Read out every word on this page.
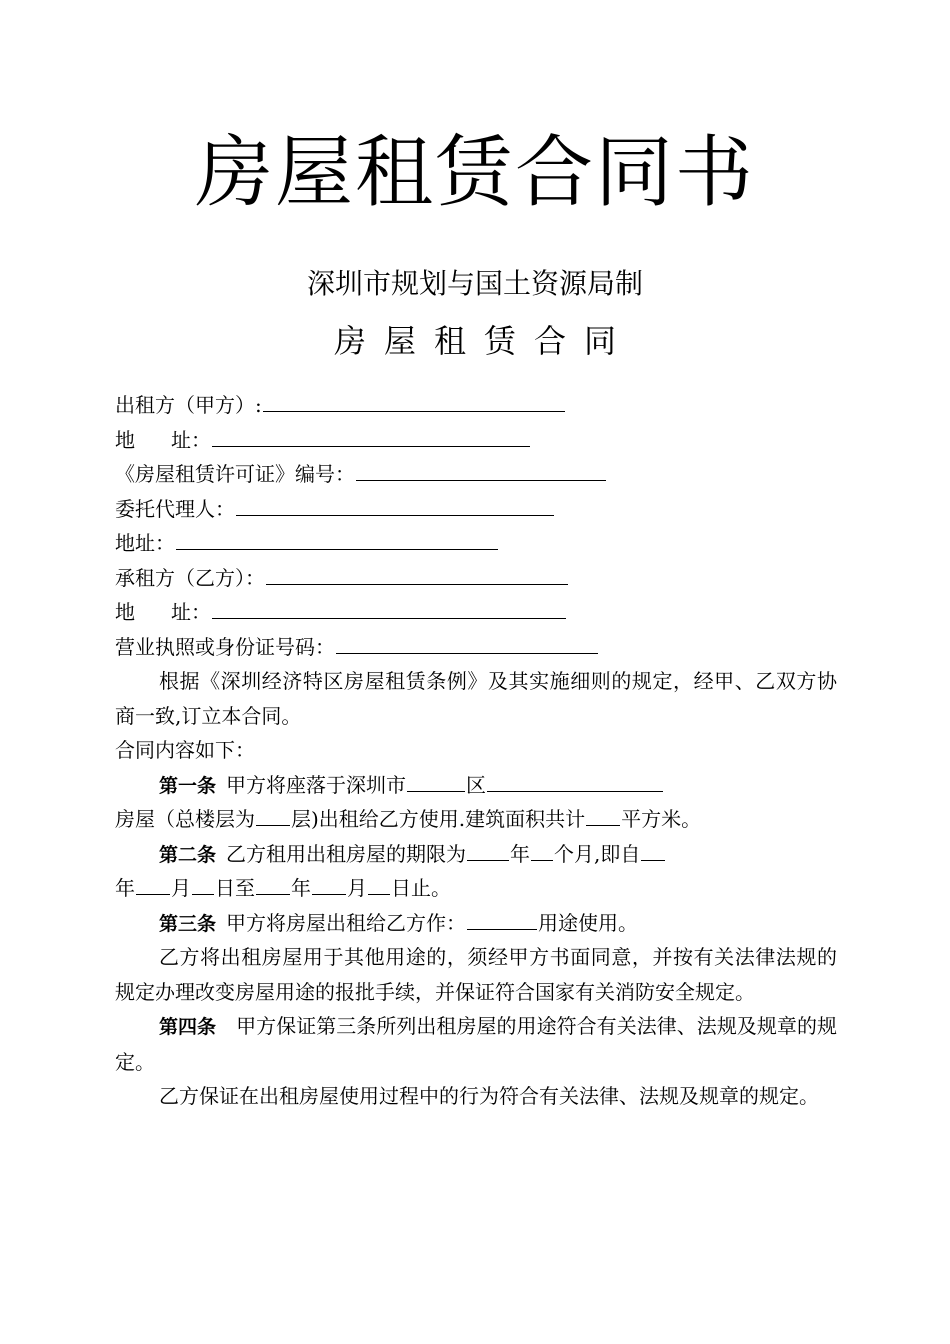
房屋租赁合同书
深圳市规划与国土资源局制
房屋租赁合同
出租方（甲方）:
地 址：
《房屋租赁许可证》编号：
委托代理人：
地址：
承租方（乙方）：
地 址：
营业执照或身份证号码：
根据《深圳经济特区房屋租赁条例》及其实施细则的规定，经甲、乙双方协商一致,订立本合同。
合同内容如下：
第一条 甲方将座落于深圳市	区
房屋（总楼层为 层)出租给乙方使用.建筑面积共计 平方米。
第二条 乙方租用出租房屋的期限为 年 个月,即自
年 月 日至 年 月 日止。
第三条 甲方将房屋出租给乙方作：	用途使用。
乙方将出租房屋用于其他用途的，须经甲方书面同意，并按有关法律法规的规定办理改变房屋用途的报批手续，并保证符合国家有关消防安全规定。
第四条 甲方保证第三条所列出租房屋的用途符合有关法律、法规及规章的规定。
乙方保证在出租房屋使用过程中的行为符合有关法律、法规及规章的规定。
